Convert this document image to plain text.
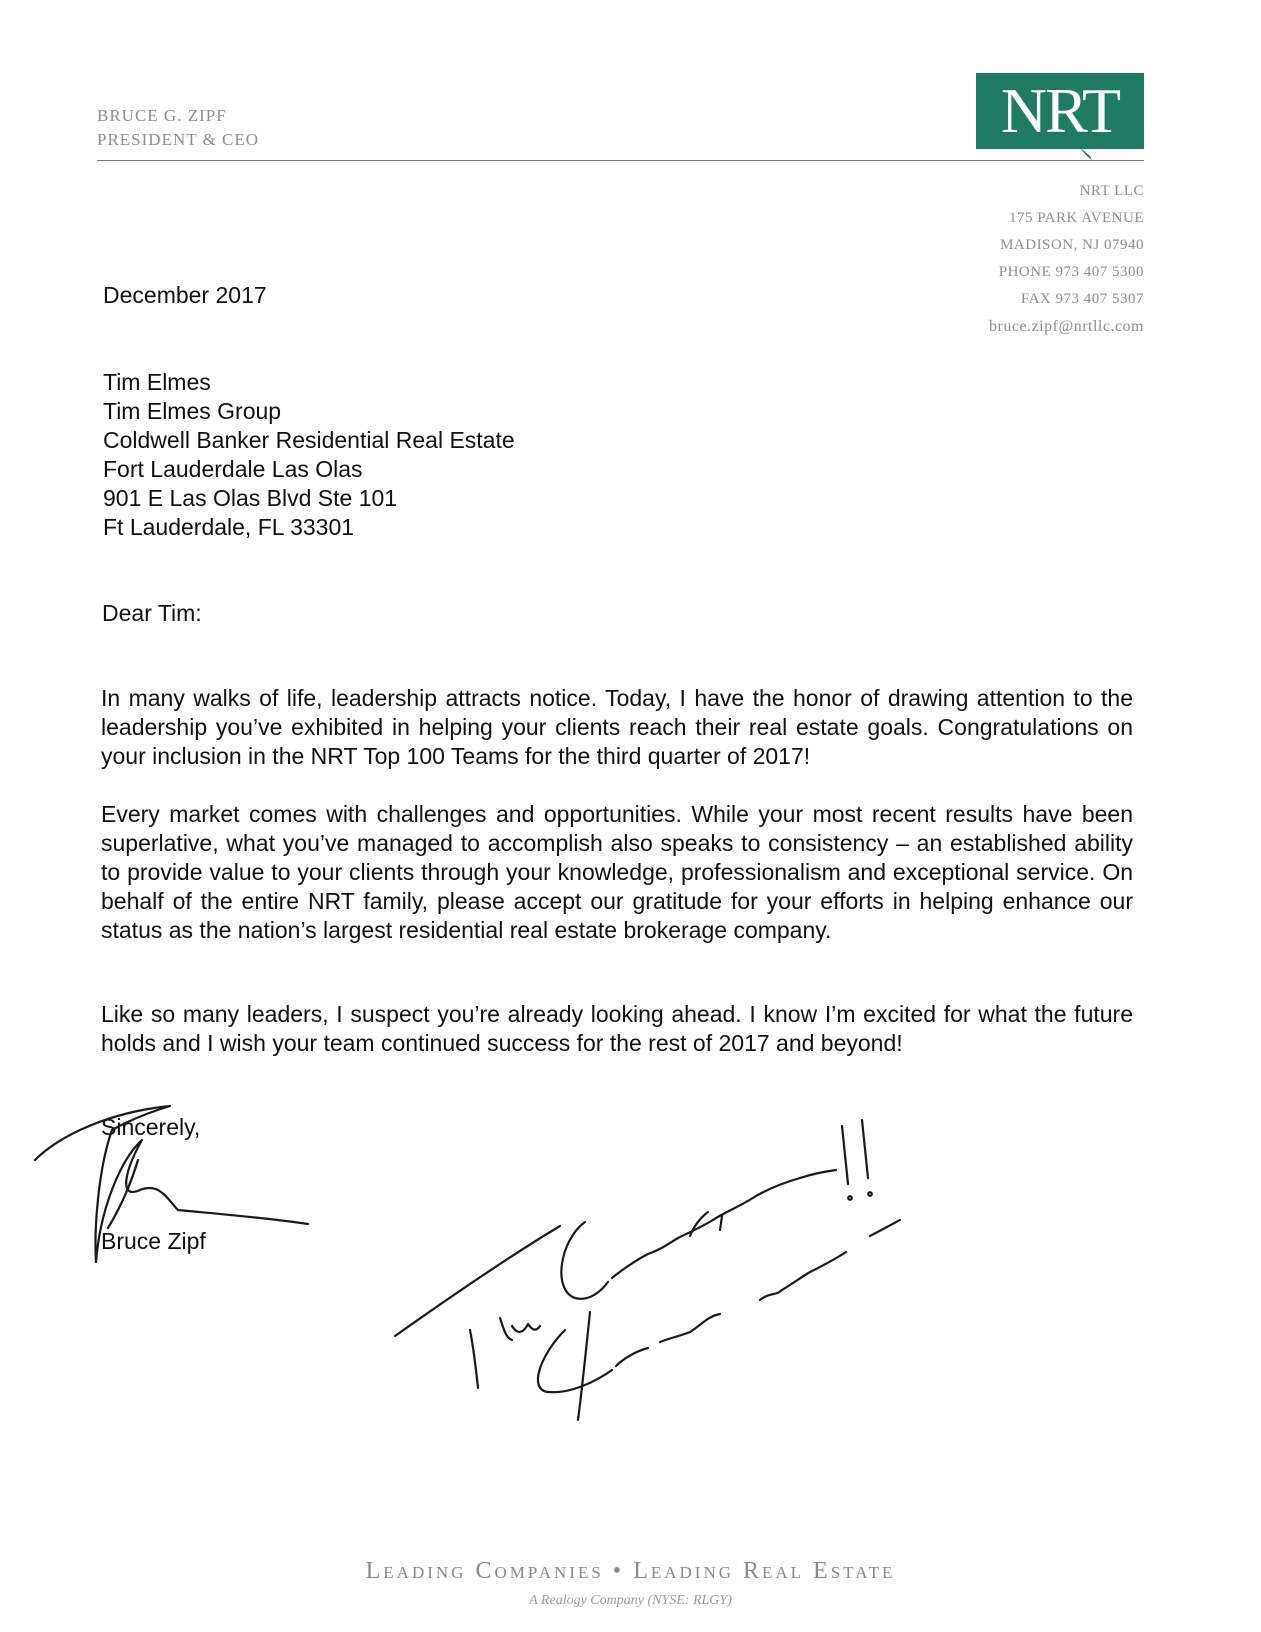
BRUCE G. ZIPF
PRESIDENT & CEO	NRT
NRT LLC
175 PARK AVENUE
MADISON, NJ 07940
PHONE 973 407 5300
FAX 973 407 5307
bruce.zipf@nrtllc.com
December 2017
Tim Elmes
Tim Elmes Group
Coldwell Banker Residential Real Estate
Fort Lauderdale Las Olas
901 E Las Olas Blvd Ste 101
Ft Lauderdale, FL 33301
Dear Tim:
In many walks of life, leadership attracts notice. Today, I have the honor of drawing attention to the leadership you’ve exhibited in helping your clients reach their real estate goals. Congratulations on your inclusion in the NRT Top 100 Teams for the third quarter of 2017!
Every market comes with challenges and opportunities. While your most recent results have been superlative, what you’ve managed to accomplish also speaks to consistency – an established ability to provide value to your clients through your knowledge, professionalism and exceptional service. On behalf of the entire NRT family, please accept our gratitude for your efforts in helping enhance our status as the nation’s largest residential real estate brokerage company.
Like so many leaders, I suspect you’re already looking ahead. I know I’m excited for what the future holds and I wish your team continued success for the rest of 2017 and beyond!
Sincerely,
Bruce Zipf
Leading Companies • Leading Real Estate
A Realogy Company (NYSE: RLGY)
